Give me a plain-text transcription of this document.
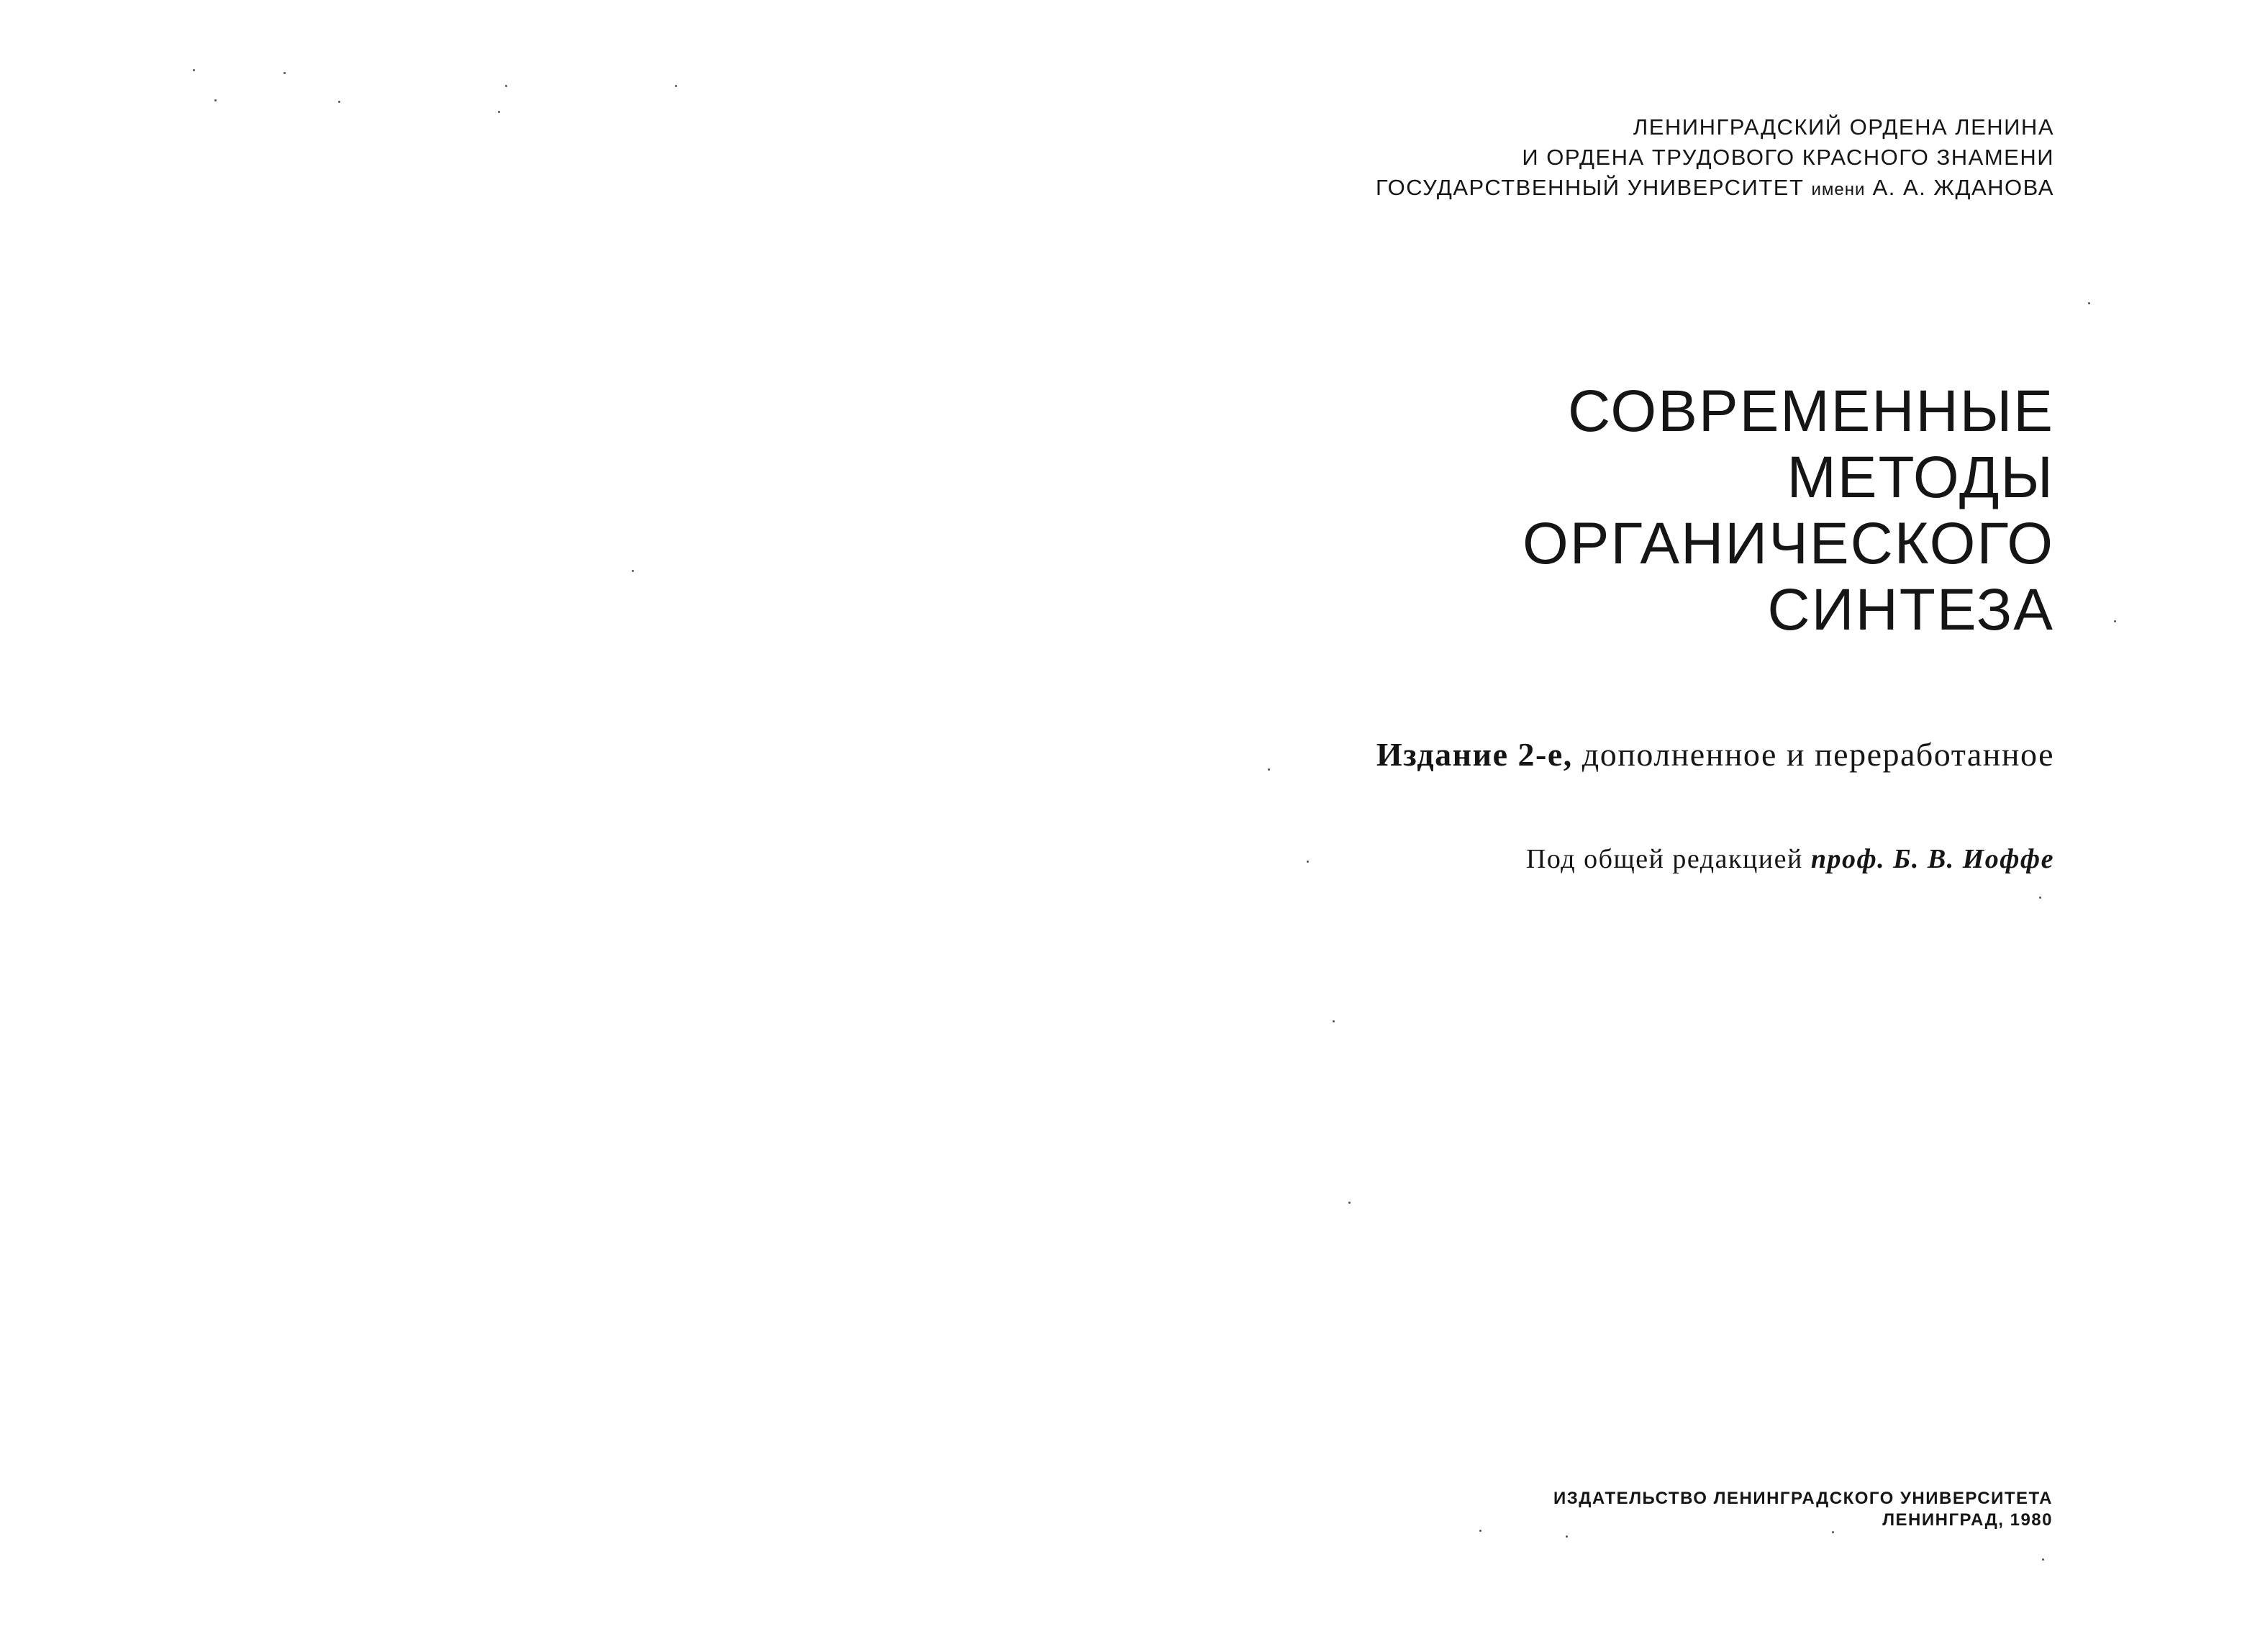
ЛЕНИНГРАДСКИЙ ОРДЕНА ЛЕНИНА
И ОРДЕНА ТРУДОВОГО КРАСНОГО ЗНАМЕНИ
ГОСУДАРСТВЕННЫЙ УНИВЕРСИТЕТ имени А. А. ЖДАНОВА
СОВРЕМЕННЫЕ
МЕТОДЫ
ОРГАНИЧЕСКОГО
СИНТЕЗА
Издание 2-е, дополненное и переработанное
Под общей редакцией проф. Б. В. Иоффе
ИЗДАТЕЛЬСТВО ЛЕНИНГРАДСКОГО УНИВЕРСИТЕТА
ЛЕНИНГРАД, 1980
